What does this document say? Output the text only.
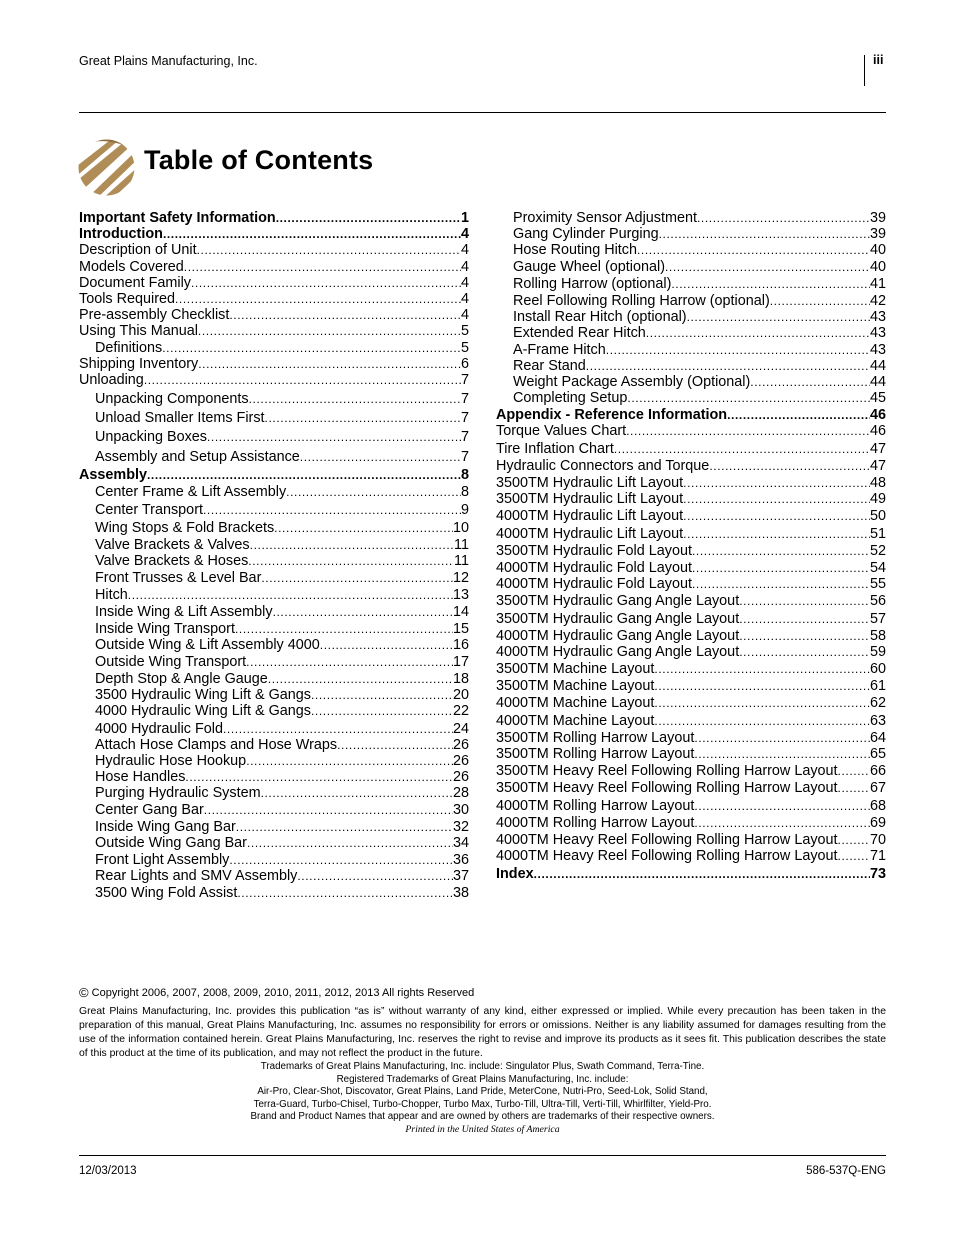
Great Plains Manufacturing, Inc.	iii
Table of Contents
Important Safety Information .....	1
Introduction .....	4
Description of Unit .....	4
Models Covered .....	4
Document Family .....	4
Tools Required .....	4
Pre-assembly Checklist .....	4
Using This Manual .....	5
Definitions .....	5
Shipping Inventory .....	6
Unloading .....	7
Unpacking Components .....	7
Unload Smaller Items First .....	7
Unpacking Boxes .....	7
Assembly and Setup Assistance .....	7
Assembly .....	8
Center Frame & Lift Assembly .....	8
Center Transport .....	9
Wing Stops & Fold Brackets .....	10
Valve Brackets & Valves .....	11
Valve Brackets & Hoses .....	11
Front Trusses & Level Bar .....	12
Hitch .....	13
Inside Wing & Lift Assembly .....	14
Inside Wing Transport .....	15
Outside Wing & Lift Assembly 4000 .....	16
Outside Wing Transport .....	17
Depth Stop & Angle Gauge .....	18
3500 Hydraulic Wing Lift & Gangs .....	20
4000 Hydraulic Wing Lift & Gangs .....	22
4000 Hydraulic Fold .....	24
Attach Hose Clamps and Hose Wraps .....	26
Hydraulic Hose Hookup .....	26
Hose Handles .....	26
Purging Hydraulic System .....	28
Center Gang Bar .....	30
Inside Wing Gang Bar .....	32
Outside Wing Gang Bar .....	34
Front Light Assembly .....	36
Rear Lights and SMV Assembly .....	37
3500 Wing Fold Assist .....	38
Proximity Sensor Adjustment .....	39
Gang Cylinder Purging .....	39
Hose Routing Hitch .....	40
Gauge Wheel (optional) .....	40
Rolling Harrow (optional) .....	41
Reel Following Rolling Harrow (optional) .....	42
Install Rear Hitch (optional) .....	43
Extended Rear Hitch .....	43
A-Frame Hitch .....	43
Rear Stand .....	44
Weight Package Assembly (Optional) .....	44
Completing Setup .....	45
Appendix - Reference Information .....	46
Torque Values Chart .....	46
Tire Inflation Chart .....	47
Hydraulic Connectors and Torque .....	47
3500TM Hydraulic Lift Layout .....	48
3500TM Hydraulic Lift Layout .....	49
4000TM Hydraulic Lift Layout .....	50
4000TM Hydraulic Lift Layout .....	51
3500TM Hydraulic Fold Layout .....	52
4000TM Hydraulic Fold Layout .....	54
4000TM Hydraulic Fold Layout .....	55
3500TM Hydraulic Gang Angle Layout .....	56
3500TM Hydraulic Gang Angle Layout .....	57
4000TM Hydraulic Gang Angle Layout .....	58
4000TM Hydraulic Gang Angle Layout .....	59
3500TM Machine Layout .....	60
3500TM Machine Layout .....	61
4000TM Machine Layout .....	62
4000TM Machine Layout .....	63
3500TM Rolling Harrow Layout .....	64
3500TM Rolling Harrow Layout .....	65
3500TM Heavy Reel Following Rolling Harrow Layout ..... 66
3500TM Heavy Reel Following Rolling Harrow Layout ..... 67
4000TM Rolling Harrow Layout .....	68
4000TM Rolling Harrow Layout .....	69
4000TM Heavy Reel Following Rolling Harrow Layout ..... 70
4000TM Heavy Reel Following Rolling Harrow Layout ..... 71
Index .....	73
© Copyright 2006, 2007, 2008, 2009, 2010, 2011, 2012, 2013 All rights Reserved
Great Plains Manufacturing, Inc. provides this publication “as is” without warranty of any kind, either expressed or implied. While every precaution has been taken in the preparation of this manual, Great Plains Manufacturing, Inc. assumes no responsibility for errors or omissions. Neither is any liability assumed for damages resulting from the use of the information contained herein. Great Plains Manufacturing, Inc. reserves the right to revise and improve its products as it sees fit. This publication describes the state of this product at the time of its publication, and may not reflect the product in the future.
Trademarks of Great Plains Manufacturing, Inc. include: Singulator Plus, Swath Command, Terra-Tine.
Registered Trademarks of Great Plains Manufacturing, Inc. include:
Air-Pro, Clear-Shot, Discovator, Great Plains, Land Pride, MeterCone, Nutri-Pro, Seed-Lok, Solid Stand,
Terra-Guard, Turbo-Chisel, Turbo-Chopper, Turbo Max, Turbo-Till, Ultra-Till, Verti-Till, Whirlfilter, Yield-Pro.
Brand and Product Names that appear and are owned by others are trademarks of their respective owners.
Printed in the United States of America
12/03/2013	586-537Q-ENG
